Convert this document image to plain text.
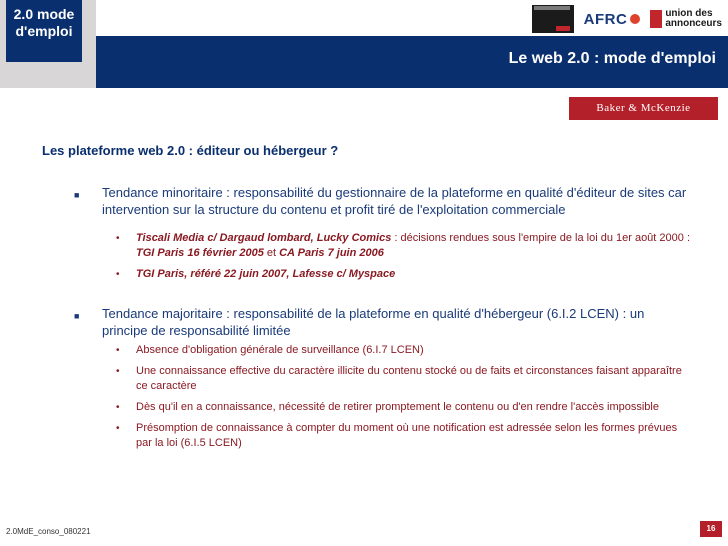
2.0 mode
d'emploi
AFRC	union des
annonceurs
Le web 2.0 : mode d'emploi
Baker & McKenzie
Les plateforme web 2.0 : éditeur ou hébergeur ?
■	Tendance minoritaire : responsabilité du gestionnaire de la plateforme en qualité d'éditeur de sites car intervention sur la structure du contenu et profit tiré de l'exploitation commerciale
•	Tiscali Media c/ Dargaud lombard, Lucky Comics : décisions rendues sous l'empire de la loi du 1er août 2000 : TGI Paris 16 février 2005 et CA Paris 7 juin 2006
•	TGI Paris, référé 22 juin 2007, Lafesse c/ Myspace
■	Tendance majoritaire : responsabilité de la plateforme en qualité d'hébergeur (6.I.2 LCEN) : un principe de responsabilité limitée
•	Absence d'obligation générale de surveillance (6.I.7 LCEN)
•	Une connaissance effective du caractère illicite du contenu stocké ou de faits et circonstances faisant apparaître ce caractère
•	Dès qu'il en a connaissance, nécessité de retirer promptement le contenu ou d'en rendre l'accès impossible
•	Présomption de connaissance à compter du moment où une notification est adressée selon les formes prévues par la loi (6.I.5 LCEN)
2.0MdE_conso_080221	16
